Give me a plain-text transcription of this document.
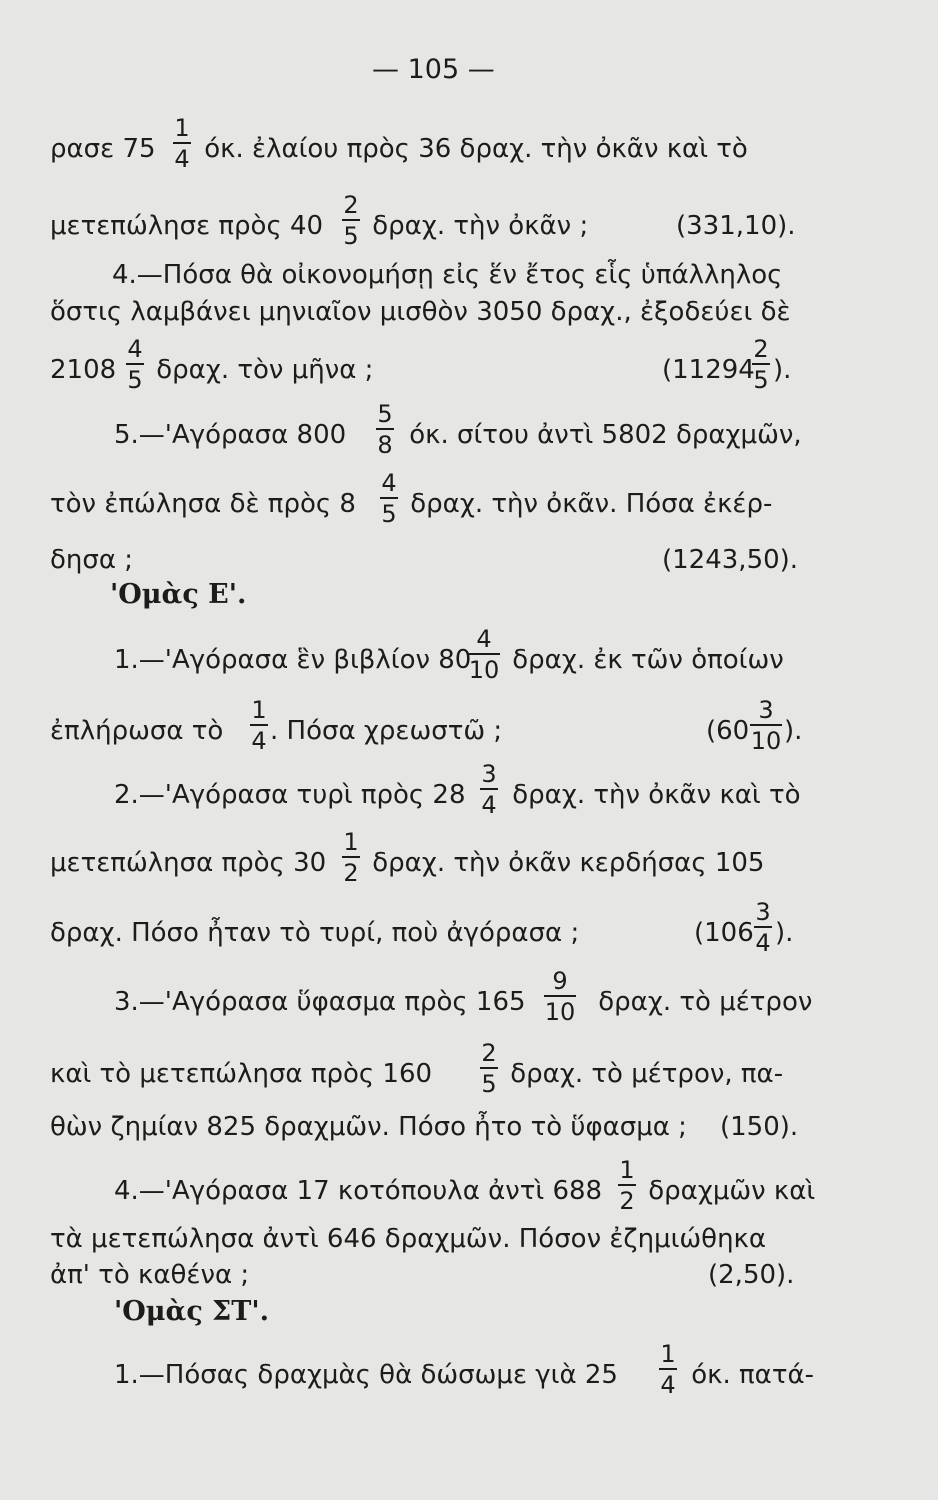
— 105 —
ρασε 75
1
4 όκ. ἐλαίου πρὸς 36 δραχ. τὴν ὀκᾶν καὶ τὸ
μετεπώλησε πρὸς 40
2
5 δραχ. τὴν ὀκᾶν ;	(331,10).
4.—Πόσα θὰ οἰκονομήσῃ εἰς ἕν ἔτος εἷς ὑπάλληλος
ὅστις λαμβάνει μηνιαῖον μισθὸν 3050 δραχ., ἐξοδεύει δὲ
2108
4
5 δραχ. τὸν μῆνα ;	(11294
2
5 ).
5.—'Αγόρασα 800
5
8 όκ. σίτου ἀντὶ 5802 δραχμῶν,
τὸν ἐπώλησα δὲ πρὸς 8
4
5 δραχ. τὴν ὀκᾶν. Πόσα ἐκέρ-
δησα ;	(1243,50).
'Ομὰς Ε'.
1.—'Αγόρασα ἓν βιβλίον 80
4
10 δραχ. ἐκ τῶν ὁποίων
ἐπλήρωσα τὸ
1
4 . Πόσα χρεωστῶ ;	(60
3
10 ).
2.—'Αγόρασα τυρὶ πρὸς 28
3
4 δραχ. τὴν ὀκᾶν καὶ τὸ
μετεπώλησα πρὸς 30
1
2 δραχ. τὴν ὀκᾶν κερδήσας 105
δραχ. Πόσο ἦταν τὸ τυρί, ποὺ ἀγόρασα ;	(106
3
4 ).
3.—'Αγόρασα ὕφασμα πρὸς 165
9
10 δραχ. τὸ μέτρον
καὶ τὸ μετεπώλησα πρὸς 160
2
5 δραχ. τὸ μέτρον, πα-
θὼν ζημίαν 825 δραχμῶν. Πόσο ἦτο τὸ ὕφασμα ; (150).
4.—'Αγόρασα 17 κοτόπουλα ἀντὶ 688
1
2 δραχμῶν καὶ
τὰ μετεπώλησα ἀντὶ 646 δραχμῶν. Πόσον ἐζημιώθηκα
ἀπ' τὸ καθένα ;	(2,50).
'Ομὰς ΣΤ'.
1.—Πόσας δραχμὰς θὰ δώσωμε γιὰ 25
1
4 όκ. πατά-
